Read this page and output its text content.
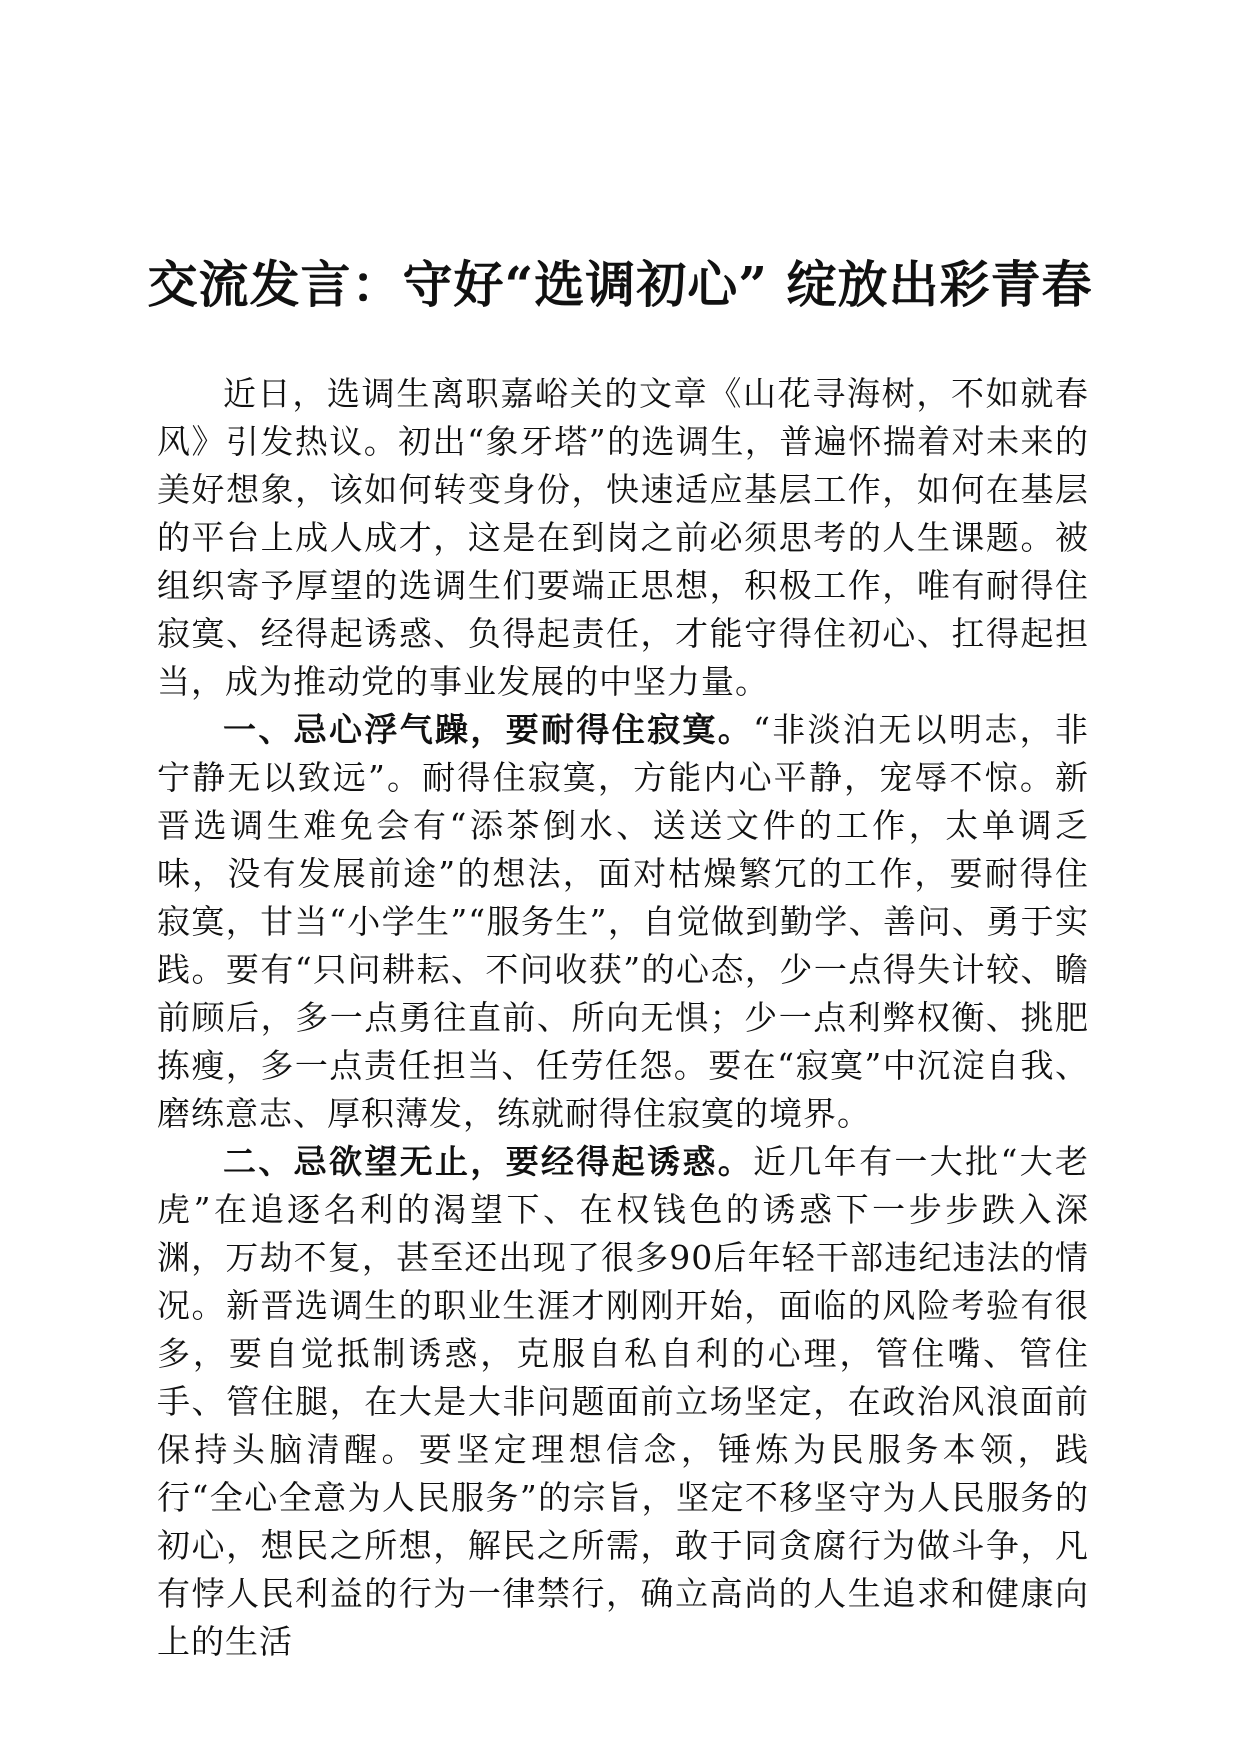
交流发言：守好“选调初心” 绽放出彩青春

近日，选调生离职嘉峪关的文章《山花寻海树，不如就春风》引发热议。初出“象牙塔”的选调生，普遍怀揣着对未来的美好想象，该如何转变身份，快速适应基层工作，如何在基层的平台上成人成才，这是在到岗之前必须思考的人生课题。被组织寄予厚望的选调生们要端正思想，积极工作，唯有耐得住寂寞、经得起诱惑、负得起责任，才能守得住初心、扛得起担当，成为推动党的事业发展的中坚力量。

一、忌心浮气躁，要耐得住寂寞。“非淡泊无以明志，非宁静无以致远”。耐得住寂寞，方能内心平静，宠辱不惊。新晋选调生难免会有“添茶倒水、送送文件的工作，太单调乏味，没有发展前途”的想法，面对枯燥繁冗的工作，要耐得住寂寞，甘当“小学生”“服务生”，自觉做到勤学、善问、勇于实践。要有“只问耕耘、不问收获”的心态，少一点得失计较、瞻前顾后，多一点勇往直前、所向无惧；少一点利弊权衡、挑肥拣瘦，多一点责任担当、任劳任怨。要在“寂寞”中沉淀自我、磨练意志、厚积薄发，练就耐得住寂寞的境界。

二、忌欲望无止，要经得起诱惑。近几年有一大批“大老虎”在追逐名利的渴望下、在权钱色的诱惑下一步步跌入深渊，万劫不复，甚至还出现了很多90后年轻干部违纪违法的情况。新晋选调生的职业生涯才刚刚开始，面临的风险考验有很多，要自觉抵制诱惑，克服自私自利的心理，管住嘴、管住手、管住腿，在大是大非问题面前立场坚定，在政治风浪面前保持头脑清醒。要坚定理想信念，锤炼为民服务本领，践行“全心全意为人民服务”的宗旨，坚定不移坚守为人民服务的初心，想民之所想，解民之所需，敢于同贪腐行为做斗争，凡有悖人民利益的行为一律禁行，确立高尚的人生追求和健康向上的生活
